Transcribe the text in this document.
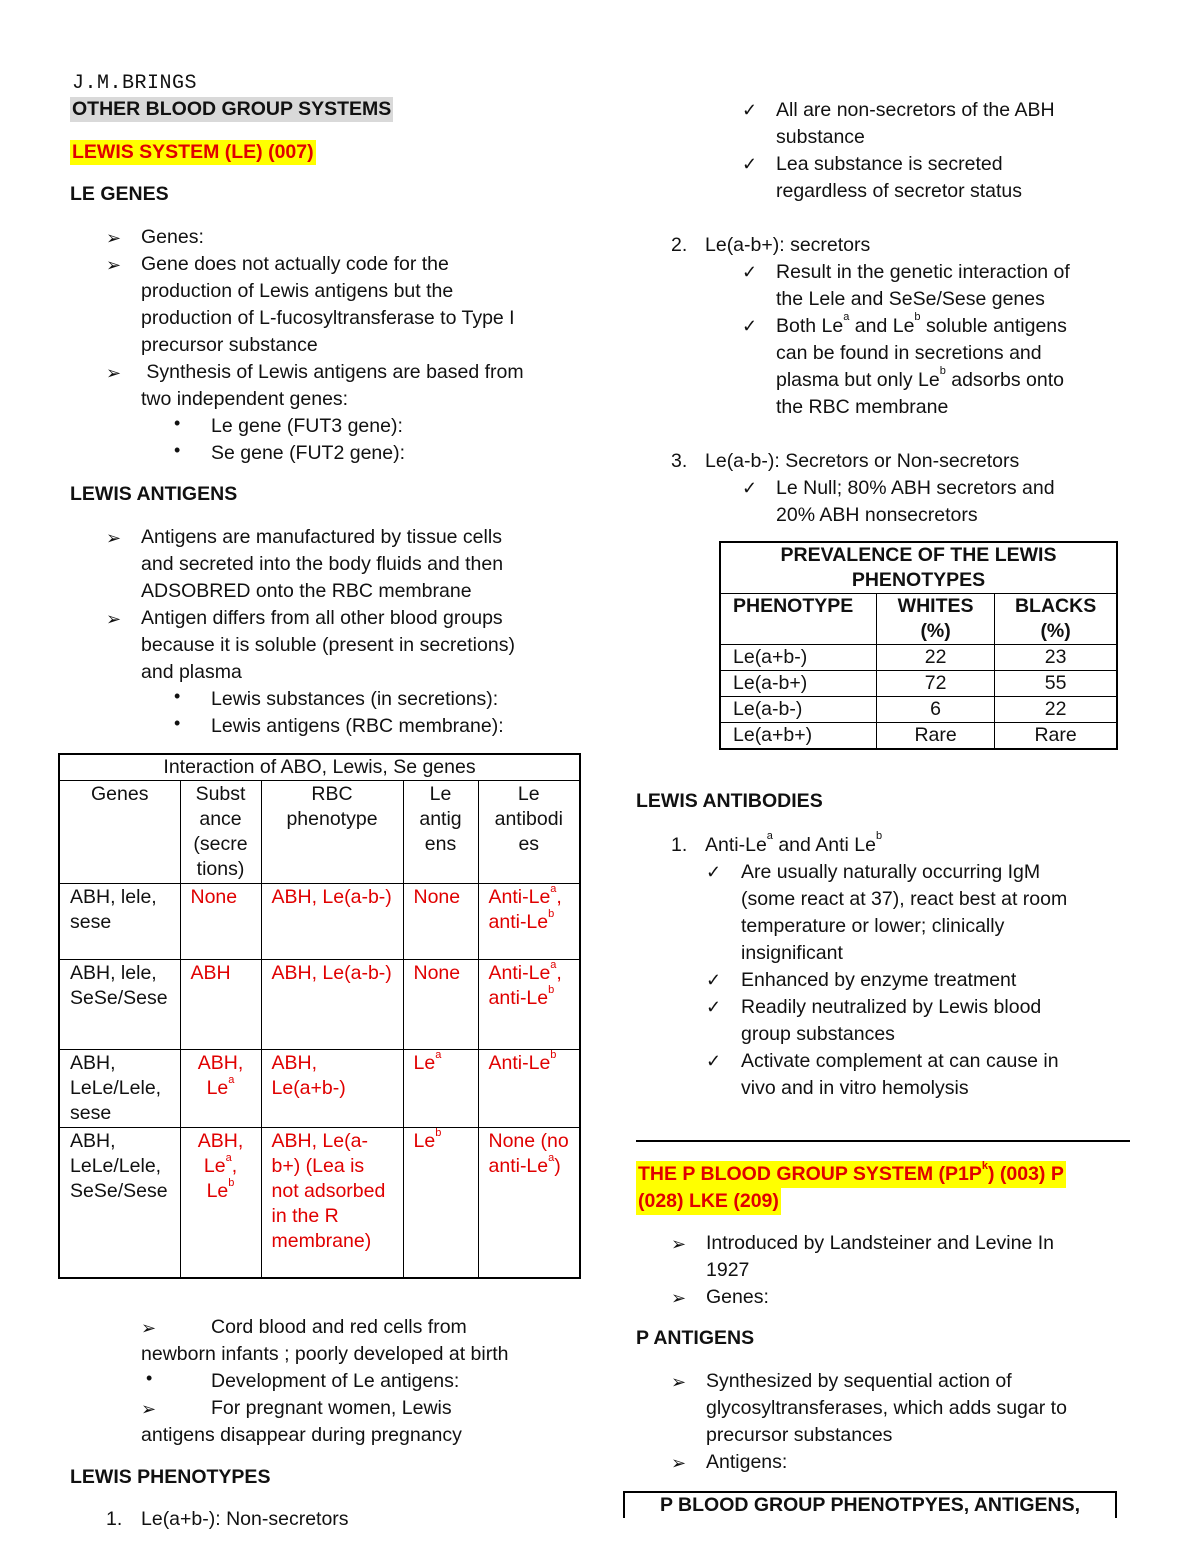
J.M.BRINGS
OTHER BLOOD GROUP SYSTEMS
LEWIS SYSTEM (LE) (007)
LE GENES
➢ Genes:
➢ Gene does not actually code for the
production of Lewis antigens but the
production of L-fucosyltransferase to Type I
precursor substance
➢ Synthesis of Lewis antigens are based from
two independent genes:
• Le gene (FUT3 gene):
• Se gene (FUT2 gene):
LEWIS ANTIGENS
➢ Antigens are manufactured by tissue cells
and secreted into the body fluids and then
ADSOBRED onto the RBC membrane
➢ Antigen differs from all other blood groups
because it is soluble (present in secretions)
and plasma
• Lewis substances (in secretions):
• Lewis antigens (RBC membrane):
Interaction of ABO, Lewis, Se genes				
Genes	Subst ance (secre tions)	RBC phenotype	Le antig ens	Le antibodi es
ABH, lele, sese	None	ABH, Le(a-b-)	None	Anti-Le$^a$, anti-Le$^b$
ABH, lele, SeSe/Sese	ABH	ABH, Le(a-b-)	None	Anti-Le$^a$, anti-Le$^b$
ABH, LeLe/Lele, sese	ABH, Le$^a$	ABH, Le(a+b-)	Le$^a$	Anti-Le$^b$
ABH, LeLe/Lele, SeSe/Sese	ABH, Le$^a$, Le$^b$	ABH, Le(a-b+) (Lea is not adsorbed in the R membrane)	Le$^b$	None (no anti-Le$^a$)
➢	Cord blood and red cells from
newborn infants ; poorly developed at birth
•	Development of Le antigens:
➢	For pregnant women, Lewis
antigens disappear during pregnancy
LEWIS PHENOTYPES
1. Le(a+b-): Non-secretors
✓ All are non-secretors of the ABH
substance
✓ Lea substance is secreted
regardless of secretor status
2. Le(a-b+): secretors
✓ Result in the genetic interaction of
the Lele and SeSe/Sese genes
✓ Both Le$^a$ and Le$^b$ soluble antigens
can be found in secretions and
plasma but only Le$^b$ adsorbs onto
the RBC membrane
3. Le(a-b-): Secretors or Non-secretors
✓ Le Null; 80% ABH secretors and
20% ABH nonsecretors
PREVALENCE OF THE LEWIS PHENOTYPES		
PHENOTYPE	WHITES (%)	BLACKS (%)
Le(a+b-)	22	23
Le(a-b+)	72	55
Le(a-b-)	6	22
Le(a+b+)	Rare	Rare
LEWIS ANTIBODIES
1. Anti-Le$^a$ and Anti Le$^b$
✓ Are usually naturally occurring IgM
(some react at 37), react best at room
temperature or lower; clinically
insignificant
✓ Enhanced by enzyme treatment
✓ Readily neutralized by Lewis blood
group substances
✓ Activate complement at can cause in
vivo and in vitro hemolysis
THE P BLOOD GROUP SYSTEM $(P1P^k)$ (003) P
(028) LKE (209)
➢ Introduced by Landsteiner and Levine In
1927
➢ Genes:
P ANTIGENS
➢ Synthesized by sequential action of
glycosyltransferases, which adds sugar to
precursor substances
➢ Antigens:
P BLOOD GROUP PHENOTPYES, ANTIGENS,
